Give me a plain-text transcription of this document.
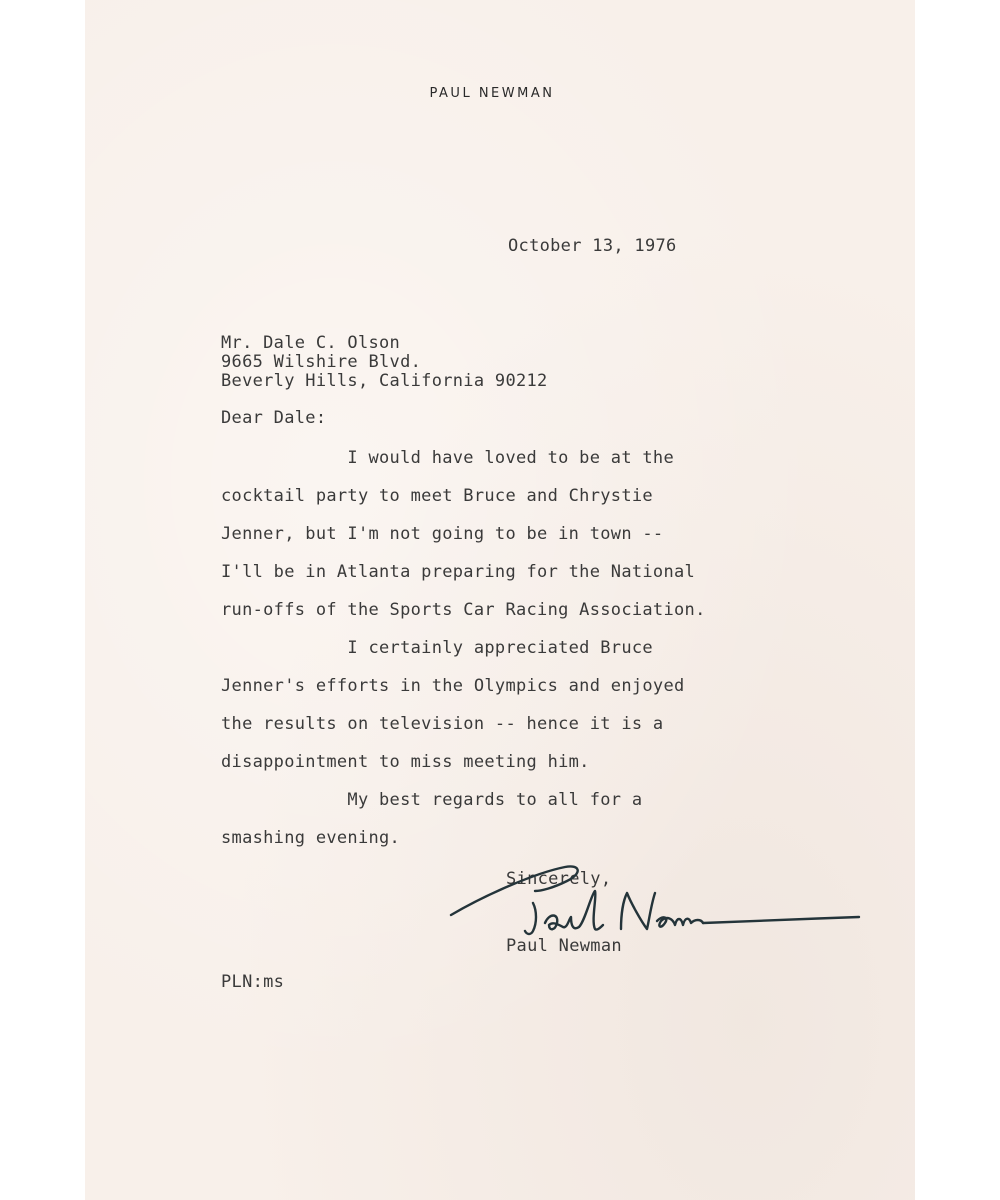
PAUL NEWMAN
October 13, 1976
Mr. Dale C. Olson
9665 Wilshire Blvd.
Beverly Hills, California 90212
Dear Dale:
I would have loved to be at the
cocktail party to meet Bruce and Chrystie
Jenner, but I'm not going to be in town --
I'll be in Atlanta preparing for the National
run-offs of the Sports Car Racing Association.
I certainly appreciated Bruce
Jenner's efforts in the Olympics and enjoyed
the results on television -- hence it is a
disappointment to miss meeting him.
My best regards to all for a
smashing evening.
Sincerely,
Paul Newman
PLN:ms
